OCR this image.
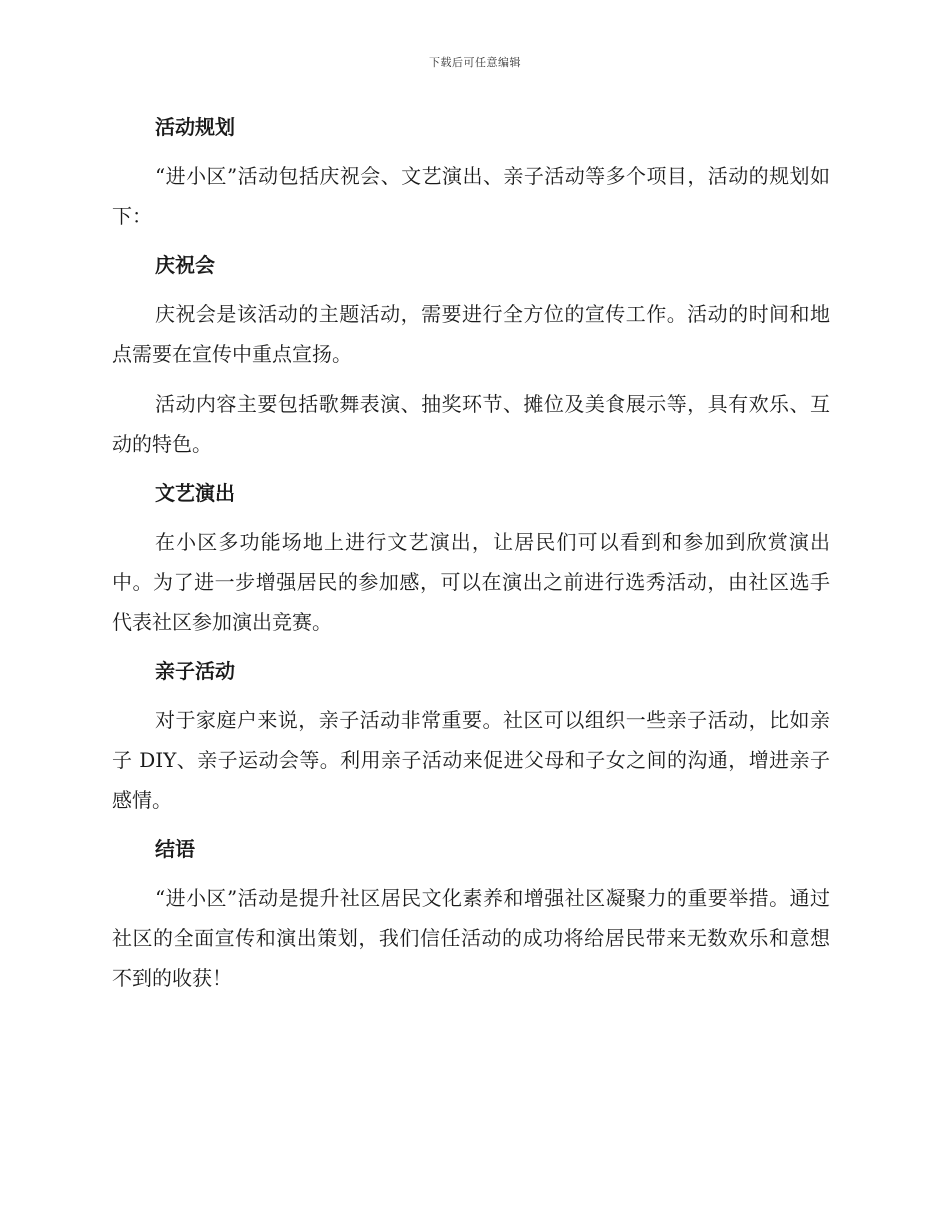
下载后可任意编辑
活动规划

“进小区”活动包括庆祝会、文艺演出、亲子活动等多个项目，活动的规划如下：

庆祝会

庆祝会是该活动的主题活动，需要进行全方位的宣传工作。活动的时间和地点需要在宣传中重点宣扬。

活动内容主要包括歌舞表演、抽奖环节、摊位及美食展示等，具有欢乐、互动的特色。

文艺演出

在小区多功能场地上进行文艺演出，让居民们可以看到和参加到欣赏演出中。为了进一步增强居民的参加感，可以在演出之前进行选秀活动，由社区选手代表社区参加演出竞赛。

亲子活动

对于家庭户来说，亲子活动非常重要。社区可以组织一些亲子活动，比如亲子 DIY、亲子运动会等。利用亲子活动来促进父母和子女之间的沟通，增进亲子感情。

结语

“进小区”活动是提升社区居民文化素养和增强社区凝聚力的重要举措。通过社区的全面宣传和演出策划，我们信任活动的成功将给居民带来无数欢乐和意想不到的收获！
